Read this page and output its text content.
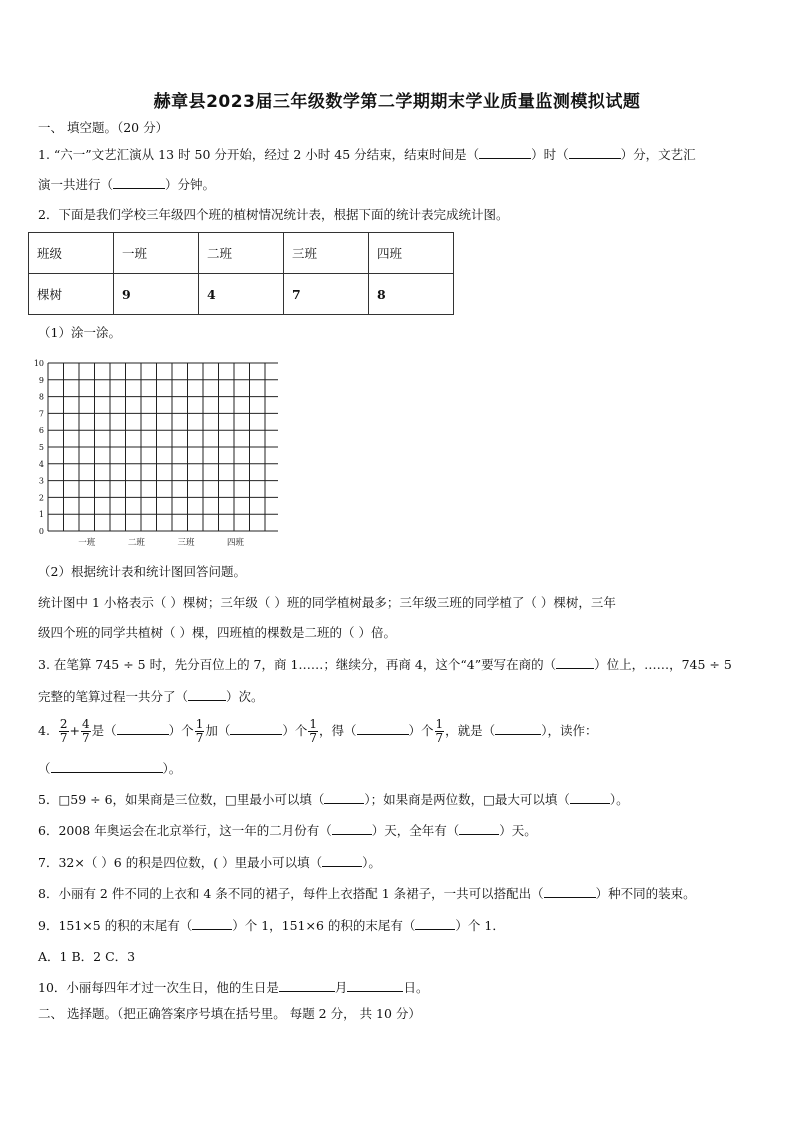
赫章县2023届三年级数学第二学期期末学业质量监测模拟试题
一、 填空题。（20 分）
1. “六一”文艺汇演从 13 时 50 分开始，经过 2 小时 45 分结束，结束时间是（	）时（	）分，文艺汇
演一共进行（	）分钟。
2．下面是我们学校三年级四个班的植树情况统计表，根据下面的统计表完成统计图。
班级	一班	二班	三班	四班
棵树	9	4	7	8
（1）涂一涂。
0
1
2
3
4
5
6
7
8
9
10
一班	二班	三班	四班
（2）根据统计表和统计图回答问题。
统计图中 1 小格表示（ ）棵树；三年级（ ）班的同学植树最多；三年级三班的同学植了（ ）棵树，三年
级四个班的同学共植树（ ）棵，四班植的棵数是二班的（ ）倍。
3. 在笔算 745 ÷ 5 时，先分百位上的 7，商 1……；继续分，再商 4，这个“4”要写在商的（	）位上，……，745 ÷ 5
完整的笔算过程一共分了（	）次。
4. $\frac{2}{7} + \frac{4}{7}$ 是（	）个 $\frac{1}{7}$ 加（	）个 $\frac{1}{7}$ ，得（	）个 $\frac{1}{7}$ ，就是（	），读作：
（	）。
5．□59 ÷ 6，如果商是三位数，□里最小可以填（	）；如果商是两位数，□最大可以填（	）。
6．2008 年奥运会在北京举行，这一年的二月份有（	）天，全年有（	）天。
7．32×（ ）6 的积是四位数，( ）里最小可以填（	）。
8．小丽有 2 件不同的上衣和 4 条不同的裙子，每件上衣搭配 1 条裙子，一共可以搭配出（	）种不同的装束。
9．151×5 的积的末尾有（	）个 1，151×6 的积的末尾有（	）个 1．
A．1 B．2 C．3
10．小丽每四年才过一次生日，他的生日是	月	日。
二、 选择题。（把正确答案序号填在括号里。 每题 2 分， 共 10 分）
